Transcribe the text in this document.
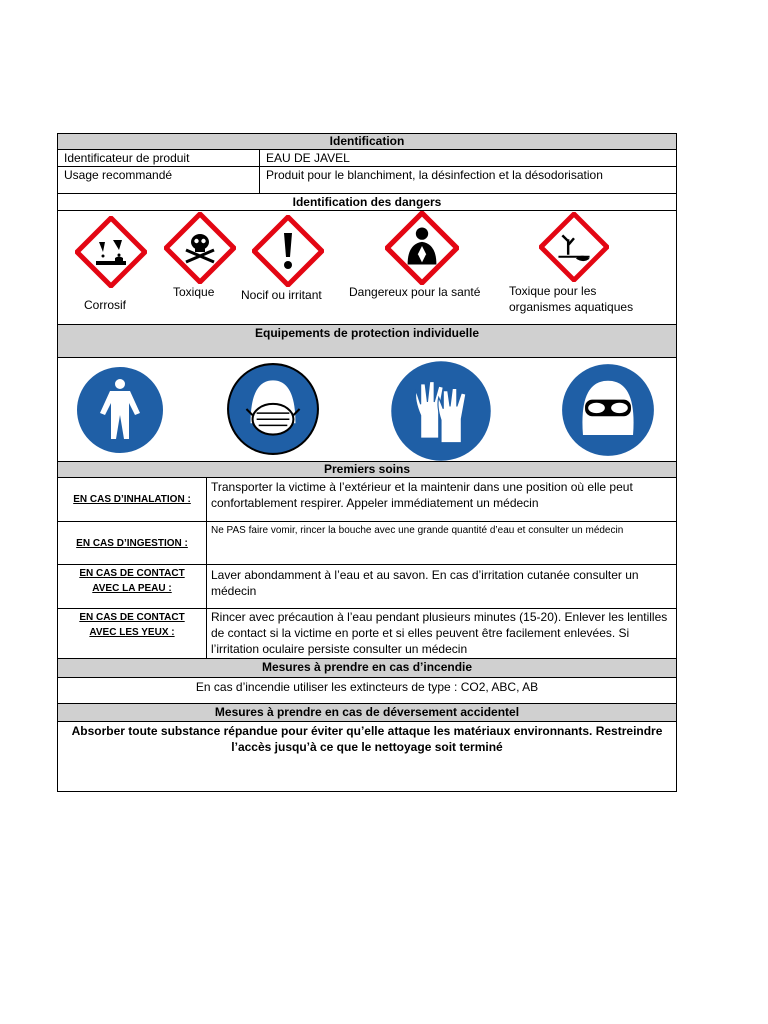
Identification
Identificateur de produit	EAU DE JAVEL
Usage recommandé	Produit pour le blanchiment, la désinfection et la désodorisation
Identification des dangers
Corrosif
Toxique Nocif ou irritant Dangereux pour la santé Toxique pour les organismes aquatiques
Equipements de protection individuelle
Premiers soins
EN CAS D’INHALATION :
Transporter la victime à l’extérieur et la maintenir dans une position où elle peut confortablement respirer. Appeler immédiatement un médecin
EN CAS D’INGESTION :
Ne PAS faire vomir, rincer la bouche avec une grande quantité d’eau et consulter un médecin
EN CAS DE CONTACT AVEC LA PEAU :
Laver abondamment à l’eau et au savon. En cas d’irritation cutanée consulter un médecin
EN CAS DE CONTACT AVEC LES YEUX :
Rincer avec précaution à l’eau pendant plusieurs minutes (15-20). Enlever les lentilles de contact si la victime en porte et si elles peuvent être facilement enlevées. Si l’irritation oculaire persiste consulter un médecin
Mesures à prendre en cas d’incendie
En cas d’incendie utiliser les extincteurs de type : CO2, ABC, AB
Mesures à prendre en cas de déversement accidentel
Absorber toute substance répandue pour éviter qu’elle attaque les matériaux environnants. Restreindre l’accès jusqu’à ce que le nettoyage soit terminé
